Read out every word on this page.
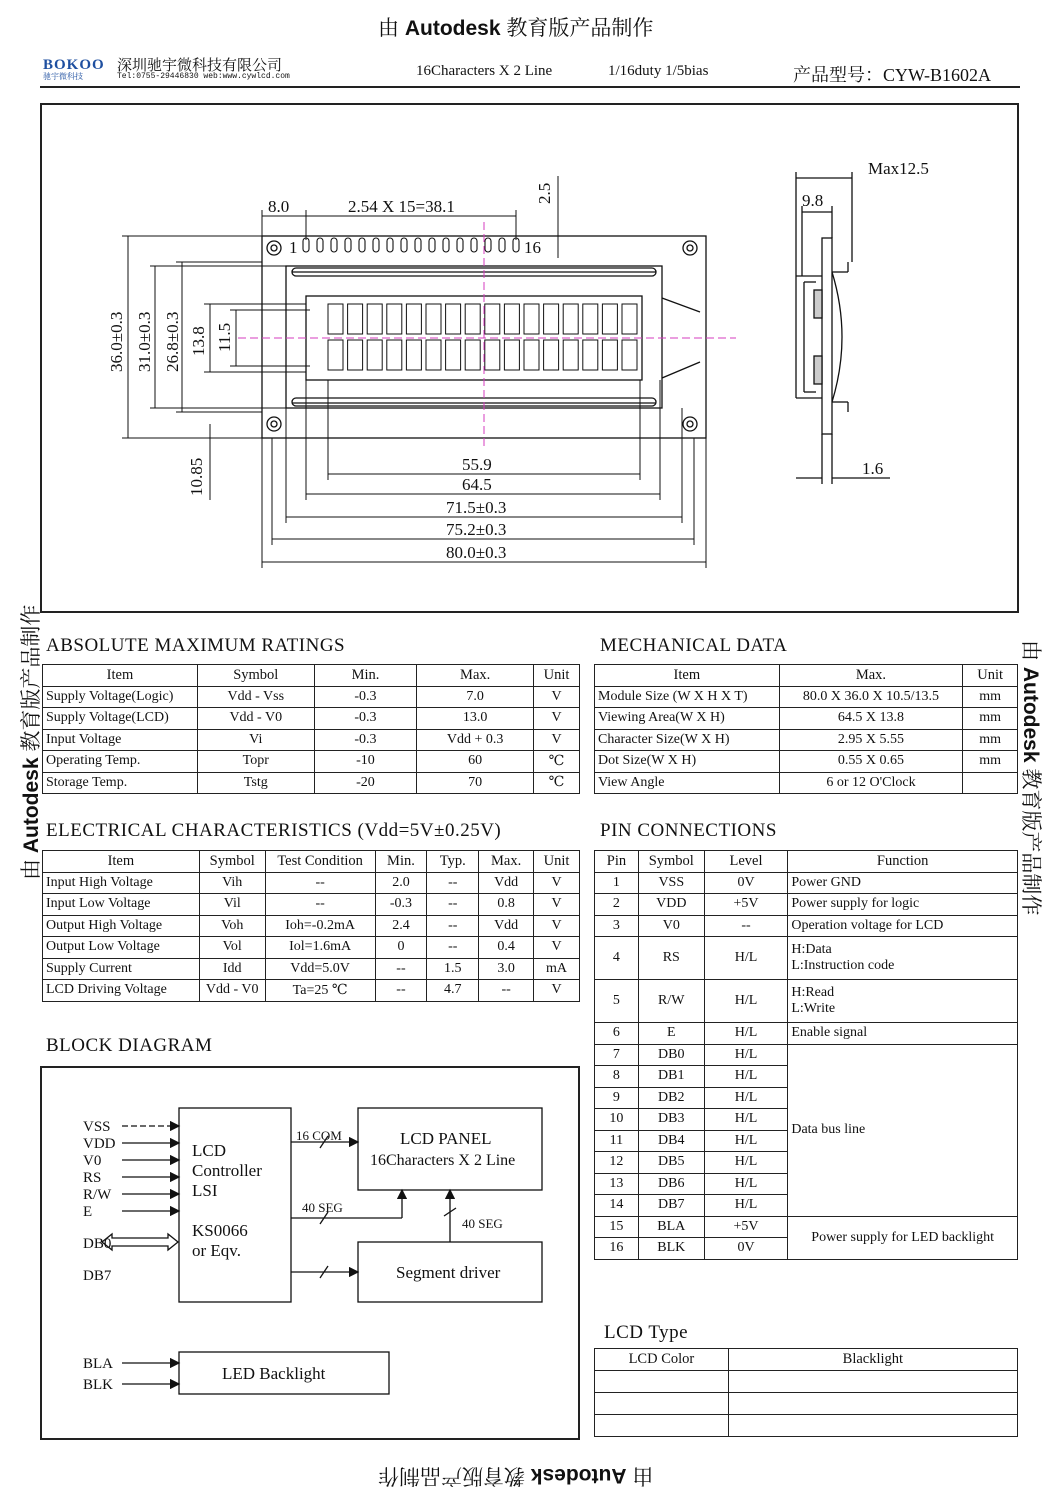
由 Autodesk 教育版产品制作
由 Autodesk 教育版产品制作
由 Autodesk 教育版产品制作	由 Autodesk 教育版产品制作
BOKOO
驰宇微科技
深圳驰宇微科技有限公司
Tel:0755-29446830 web:www.cywlcd.com	16Characters X 2 Line	1/16duty 1/5bias	产品型号：CYW-B1602A
1	16
8.0	2.54 X 15=38.1
2.5
36.0±0.3 31.0±0.3 26.8±0.3 13.8 11.5
10.85	55.9
64.5
71.5±0.3
75.2±0.3
80.0±0.3
Max12.5
9.8
1.6
ABSOLUTE MAXIMUM RATINGS
Item	Symbol	Min.	Max.	Unit
Supply Voltage(Logic)	Vdd - Vss	-0.3	7.0	V
Supply Voltage(LCD)	Vdd - V0	-0.3	13.0	V
Input Voltage	Vi	-0.3	Vdd + 0.3	V
Operating Temp.	Topr	-10	60	℃
Storage Temp.	Tstg	-20	70	℃
MECHANICAL DATA
Item	Max.	Unit
Module Size (W X H X T)	80.0 X 36.0 X 10.5/13.5	mm
Viewing Area(W X H)	64.5 X 13.8	mm
Character Size(W X H)	2.95 X 5.55	mm
Dot Size(W X H)	0.55 X 0.65	mm
View Angle	6 or 12 O'Clock	
ELECTRICAL CHARACTERISTICS (Vdd=5V±0.25V)
Item	Symbol	Test Condition	Min.	Typ.	Max.	Unit
Input High Voltage	Vih	--	2.0	--	Vdd	V
Input Low Voltage	Vil	--	-0.3	--	0.8	V
Output High Voltage	Voh	Ioh=-0.2mA	2.4	--	Vdd	V
Output Low Voltage	Vol	Iol=1.6mA	0	--	0.4	V
Supply Current	Idd	Vdd=5.0V	--	1.5	3.0	mA
LCD Driving Voltage	Vdd - V0	Ta=25 ℃	--	4.7	--	V
PIN CONNECTIONS
Pin	Symbol	Level	Function
1	VSS	0V	Power GND

2	VDD	+5V	Power supply for logic

3	V0	--	Operation voltage for LCD

4	RS	H/L	H:Data
L:Instruction code

5	R/W	H/L	H:Read
L:Write

6	E	H/L	Enable signal

7	DB0	H/L	Data bus line
8	DB1	H/L	
9	DB2	H/L	
10	DB3	H/L	
11	DB4	H/L	
12	DB5	H/L	
13	DB6	H/L	
14	DB7	H/L	
15	BLA	+5V	Power supply for LED backlight
16	BLK	0V	
BLOCK DIAGRAM
VSS
VDD
V0
RS
R/W
E
DB0
DB7
LCD
Controller
LSI
KS0066
or Eqv.
16 COM
40 SEG
40 SEG
LCD PANEL
16Characters X 2 Line
Segment driver
BLA
BLK
LED Backlight
LCD Type
LCD Color	Blacklight
